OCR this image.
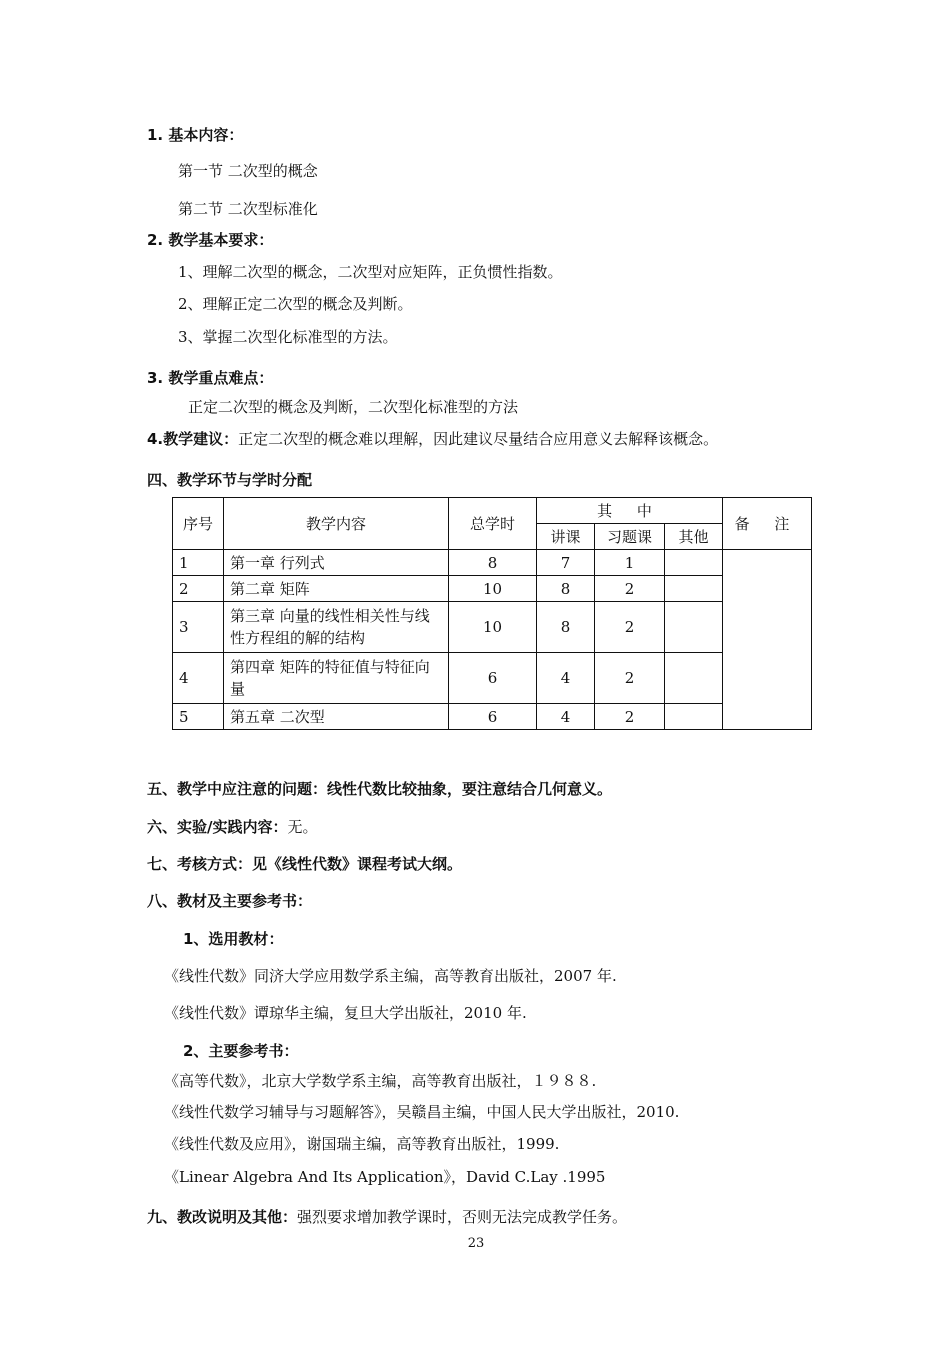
1. 基本内容：
第一节 二次型的概念
第二节 二次型标准化
2. 教学基本要求：
1、理解二次型的概念，二次型对应矩阵，正负惯性指数。
2、理解正定二次型的概念及判断。
3、掌握二次型化标准型的方法。
3. 教学重点难点：
正定二次型的概念及判断，二次型化标准型的方法
4.教学建议：正定二次型的概念难以理解，因此建议尽量结合应用意义去解释该概念。
四、教学环节与学时分配
序号	教学内容	总学时	其 中			备 注
			讲课	习题课	其他	
1	第一章 行列式	8	7	1		
2	第二章 矩阵	10	8	2		
3	第三章 向量的线性相关性与线性方程组的解的结构	10	8	2		
4	第四章 矩阵的特征值与特征向量	6	4	2		
5	第五章 二次型	6	4	2		
五、教学中应注意的问题：线性代数比较抽象，要注意结合几何意义。
六、实验/实践内容：无。
七、考核方式：见《线性代数》课程考试大纲。
八、教材及主要参考书：
1、选用教材：
《线性代数》同济大学应用数学系主编，高等教育出版社，2007 年.
《线性代数》谭琼华主编，复旦大学出版社，2010 年.
2、主要参考书：
《高等代数》，北京大学数学系主编，高等教育出版社，１９８８.
《线性代数学习辅导与习题解答》，吴赣昌主编，中国人民大学出版社，2010.
《线性代数及应用》，谢国瑞主编，高等教育出版社，1999.
《Linear Algebra And Its Application》，David C.Lay .1995
九、教改说明及其他：强烈要求增加教学课时，否则无法完成教学任务。
23
